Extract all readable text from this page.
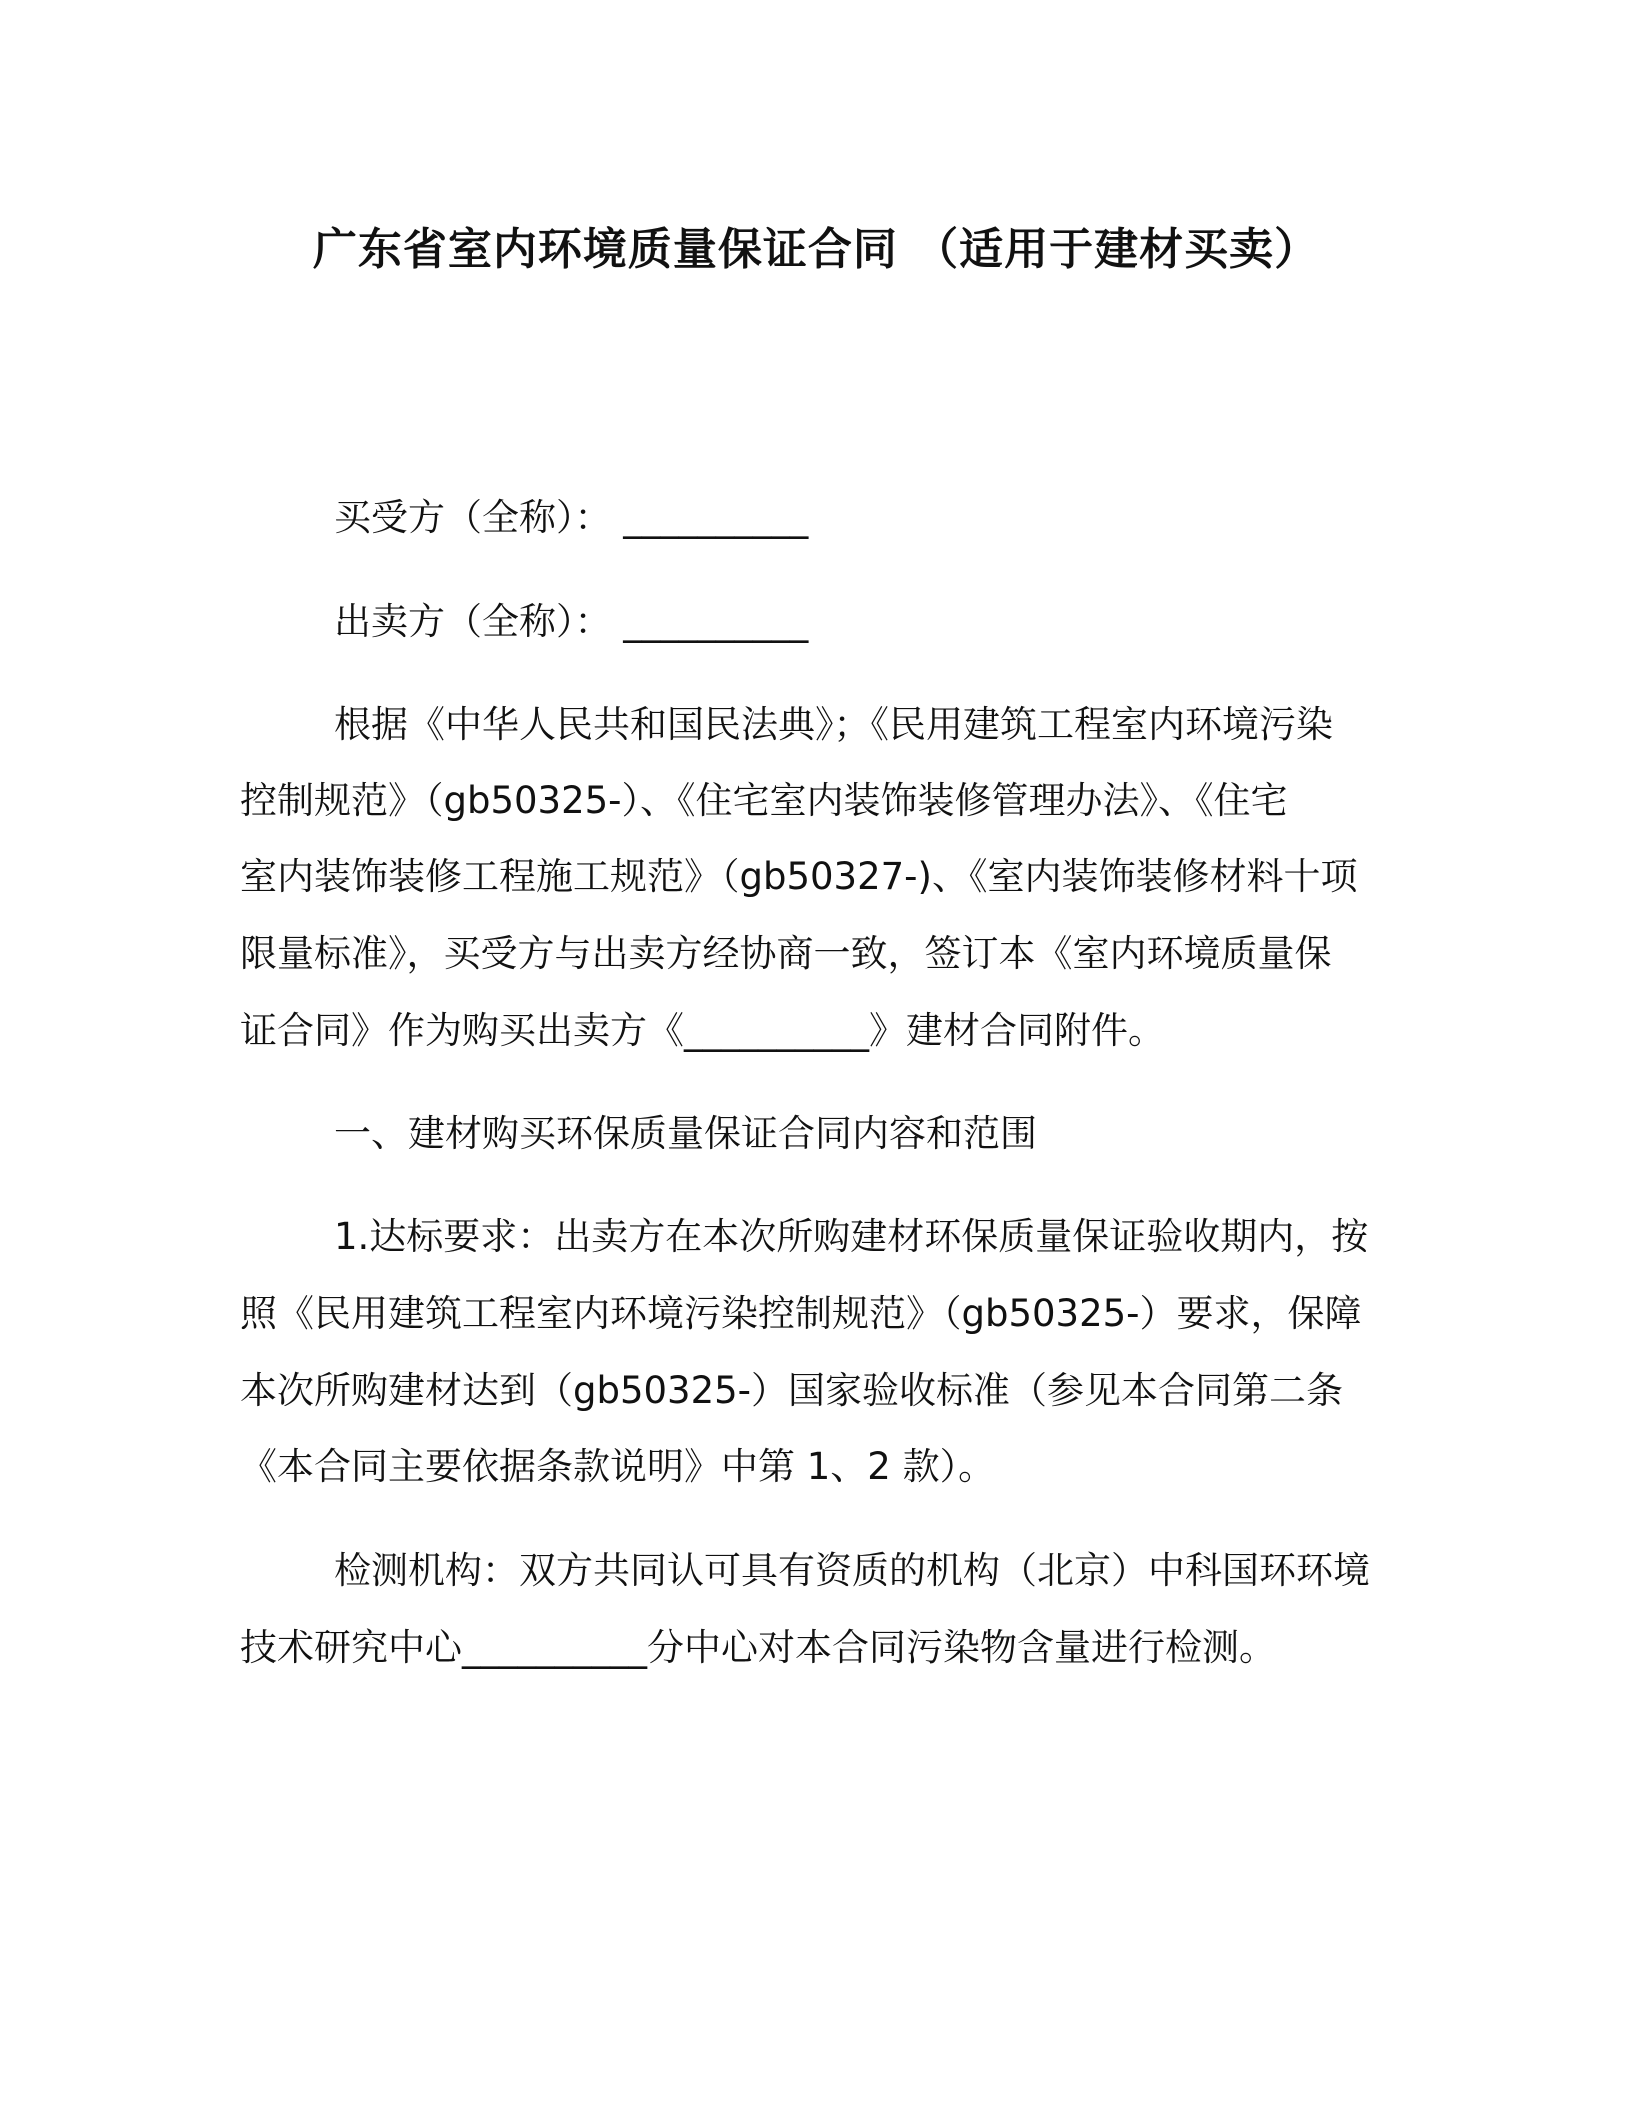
广东省室内环境质量保证合同 （适用于建材买卖）
买受方（全称）： __________
出卖方（全称）： __________
根据《中华人民共和国民法典》；《民用建筑工程室内环境污染
控制规范》（gb50325-）、《住宅室内装饰装修管理办法》、《住宅
室内装饰装修工程施工规范》（gb50327-)、《室内装饰装修材料十项
限量标准》，买受方与出卖方经协商一致，签订本《室内环境质量保
证合同》作为购买出卖方《__________》建材合同附件。
一、建材购买环保质量保证合同内容和范围
1.达标要求：出卖方在本次所购建材环保质量保证验收期内，按
照《民用建筑工程室内环境污染控制规范》（gb50325-）要求，保障
本次所购建材达到（gb50325-）国家验收标准（参见本合同第二条
《本合同主要依据条款说明》中第 1、2 款）。
检测机构：双方共同认可具有资质的机构（北京）中科国环环境
技术研究中心__________分中心对本合同污染物含量进行检测。
